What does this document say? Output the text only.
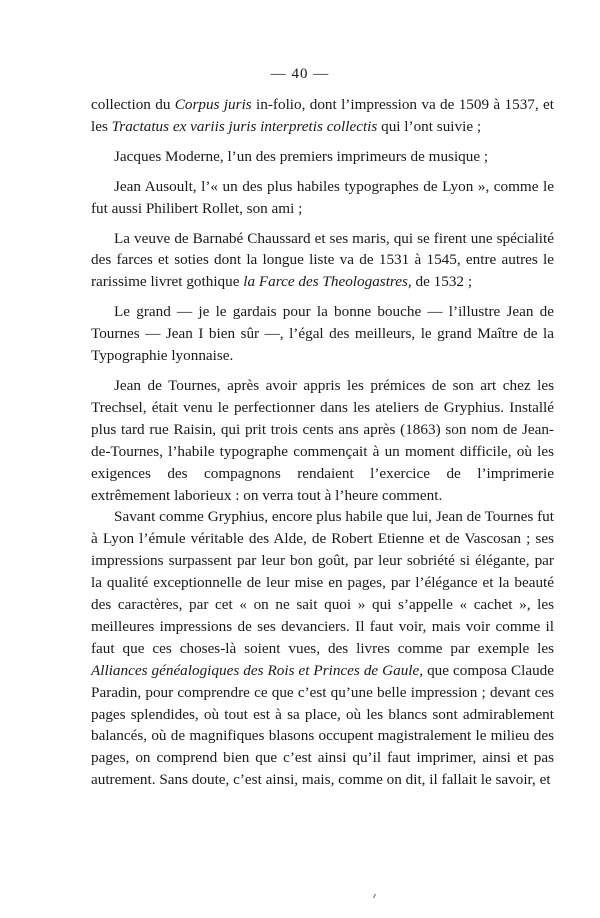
— 40 —

collection du Corpus juris in-folio, dont l’impression va de 1509 à 1537, et les Tractatus ex variis juris interpretis collectis qui l’ont suivie ;

Jacques Moderne, l’un des premiers imprimeurs de musique ;

Jean Ausoult, l’« un des plus habiles typographes de Lyon », comme le fut aussi Philibert Rollet, son ami ;

La veuve de Barnabé Chaussard et ses maris, qui se firent une spécialité des farces et soties dont la longue liste va de 1531 à 1545, entre autres le rarissime livret gothique la Farce des Theologastres, de 1532 ;

Le grand — je le gardais pour la bonne bouche — l’illustre Jean de Tournes — Jean I bien sûr —, l’égal des meilleurs, le grand Maître de la Typographie lyonnaise.

Jean de Tournes, après avoir appris les prémices de son art chez les Trechsel, était venu le perfectionner dans les ateliers de Gryphius. Installé plus tard rue Raisin, qui prit trois cents ans après (1863) son nom de Jean-de-Tournes, l’habile typographe commençait à un moment difficile, où les exigences des compagnons rendaient l’exercice de l’imprimerie extrêmement laborieux : on verra tout à l’heure comment.

Savant comme Gryphius, encore plus habile que lui, Jean de Tournes fut à Lyon l’émule véritable des Alde, de Robert Etienne et de Vascosan ; ses impressions surpassent par leur bon goût, par leur sobriété si élégante, par la qualité exceptionnelle de leur mise en pages, par l’élégance et la beauté des caractères, par cet « on ne sait quoi » qui s’appelle « cachet », les meilleures impressions de ses devanciers. Il faut voir, mais voir comme il faut que ces choses-là soient vues, des livres comme par exemple les Alliances généalogiques des Rois et Princes de Gaule, que composa Claude Paradin, pour comprendre ce que c’est qu’une belle impression ; devant ces pages splendides, où tout est à sa place, où les blancs sont admirablement balancés, où de magnifiques blasons occupent magistralement le milieu des pages, on comprend bien que c’est ainsi qu’il faut imprimer, ainsi et pas autrement. Sans doute, c’est ainsi, mais, comme on dit, il fallait le savoir, et
